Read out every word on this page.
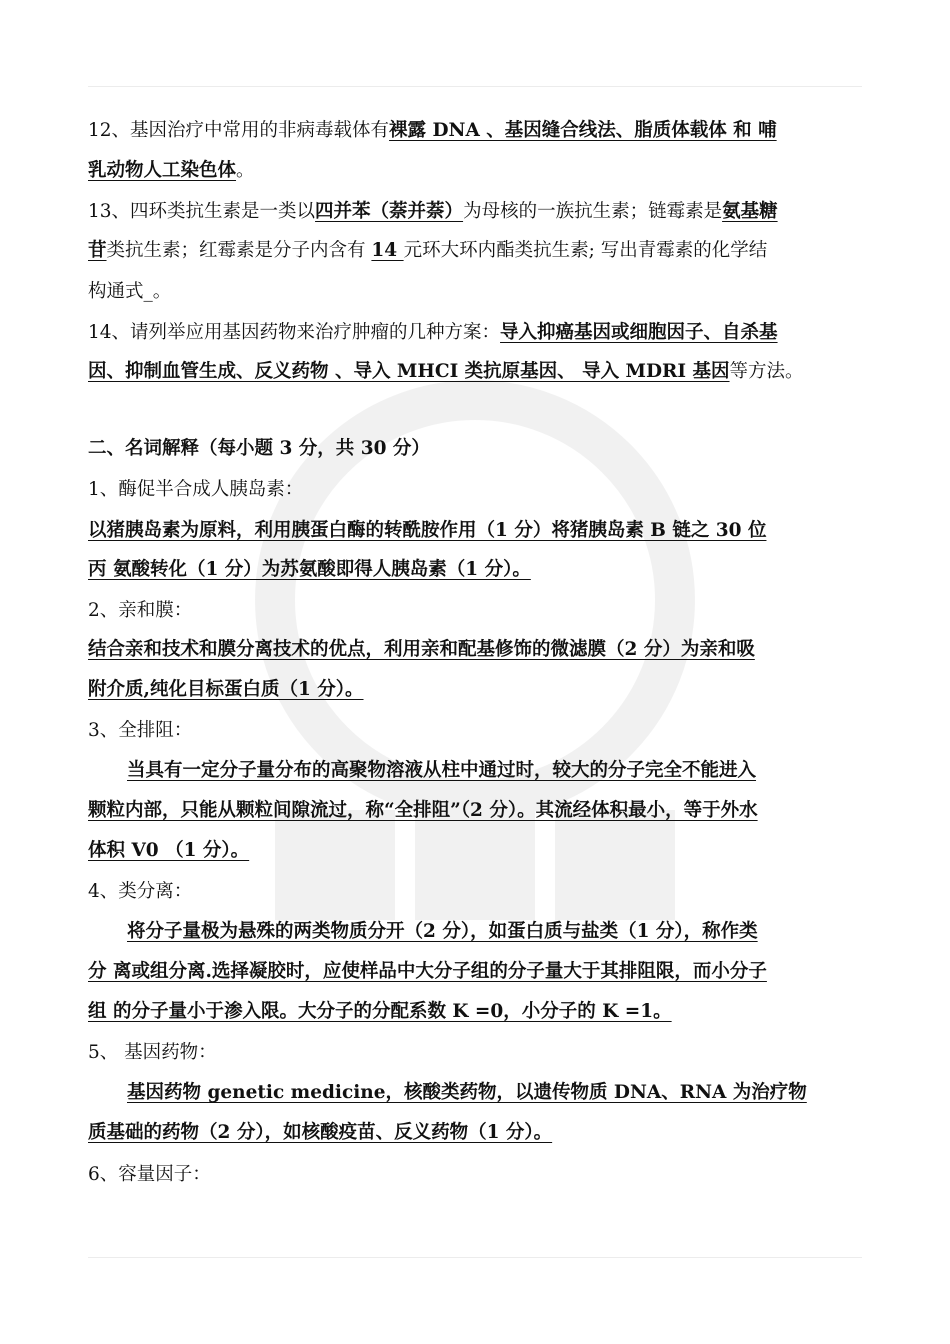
12、基因治疗中常用的非病毒载体有裸露 DNA 、基因缝合线法、脂质体载体 和 哺
乳动物人工染色体。
13、四环类抗生素是一类以四并苯（萘并萘）为母核的一族抗生素；链霉素是氨基糖
苷类抗生素；红霉素是分子内含有 14 元环大环内酯类抗生素; 写出青霉素的化学结
构通式_。
14、请列举应用基因药物来治疗肿瘤的几种方案：导入抑癌基因或细胞因子、自杀基
因、抑制血管生成、反义药物 、导入 MHCI 类抗原基因、 导入 MDRI 基因等方法。
二、名词解释（每小题 3 分，共 30 分）
1、酶促半合成人胰岛素：
以猪胰岛素为原料，利用胰蛋白酶的转酰胺作用（1 分）将猪胰岛素 B 链之 30 位
丙 氨酸转化（1 分）为苏氨酸即得人胰岛素（1 分）。
2、亲和膜：
结合亲和技术和膜分离技术的优点，利用亲和配基修饰的微滤膜（2 分）为亲和吸
附介质,纯化目标蛋白质（1 分）。
3、全排阻：
当具有一定分子量分布的高聚物溶液从柱中通过时，较大的分子完全不能进入
颗粒内部，只能从颗粒间隙流过，称“全排阻”（2 分）。其流经体积最小，等于外水
体积 V0 （1 分）。
4、类分离：
将分子量极为悬殊的两类物质分开（2 分），如蛋白质与盐类（1 分），称作类
分 离或组分离.选择凝胶时，应使样品中大分子组的分子量大于其排阻限，而小分子
组 的分子量小于渗入限。大分子的分配系数 K =0，小分子的 K =1。
5、 基因药物：
基因药物 genetic medicine，核酸类药物，以遗传物质 DNA、RNA 为治疗物
质基础的药物（2 分），如核酸疫苗、反义药物（1 分）。
6、容量因子：
